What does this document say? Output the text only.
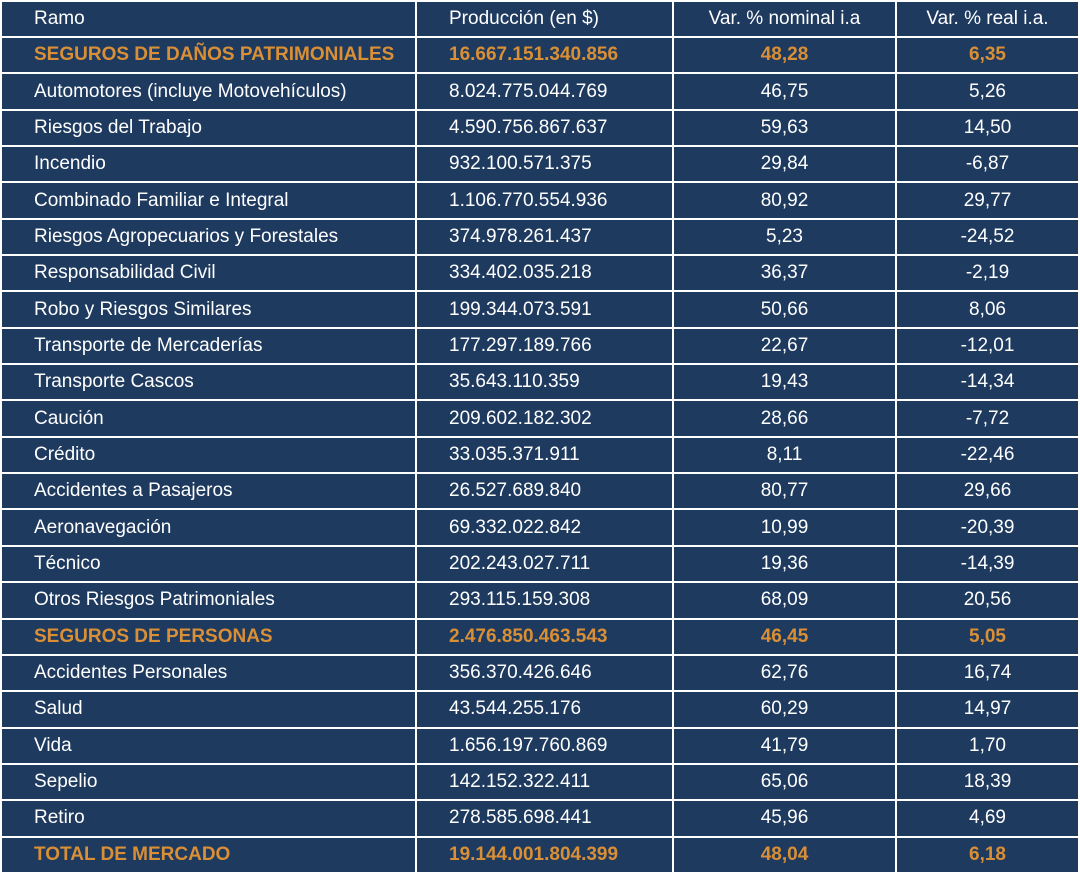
Ramo	Producción (en $)	Var. % nominal i.a	Var. % real i.a.
SEGUROS DE DAÑOS PATRIMONIALES	16.667.151.340.856	48,28	6,35
Automotores (incluye Motovehículos)	8.024.775.044.769	46,75	5,26
Riesgos del Trabajo	4.590.756.867.637	59,63	14,50
Incendio	932.100.571.375	29,84	-6,87
Combinado Familiar e Integral	1.106.770.554.936	80,92	29,77
Riesgos Agropecuarios y Forestales	374.978.261.437	5,23	-24,52
Responsabilidad Civil	334.402.035.218	36,37	-2,19
Robo y Riesgos Similares	199.344.073.591	50,66	8,06
Transporte de Mercaderías	177.297.189.766	22,67	-12,01
Transporte Cascos	35.643.110.359	19,43	-14,34
Caución	209.602.182.302	28,66	-7,72
Crédito	33.035.371.911	8,11	-22,46
Accidentes a Pasajeros	26.527.689.840	80,77	29,66
Aeronavegación	69.332.022.842	10,99	-20,39
Técnico	202.243.027.711	19,36	-14,39
Otros Riesgos Patrimoniales	293.115.159.308	68,09	20,56
SEGUROS DE PERSONAS	2.476.850.463.543	46,45	5,05
Accidentes Personales	356.370.426.646	62,76	16,74
Salud	43.544.255.176	60,29	14,97
Vida	1.656.197.760.869	41,79	1,70
Sepelio	142.152.322.411	65,06	18,39
Retiro	278.585.698.441	45,96	4,69
TOTAL DE MERCADO	19.144.001.804.399	48,04	6,18
